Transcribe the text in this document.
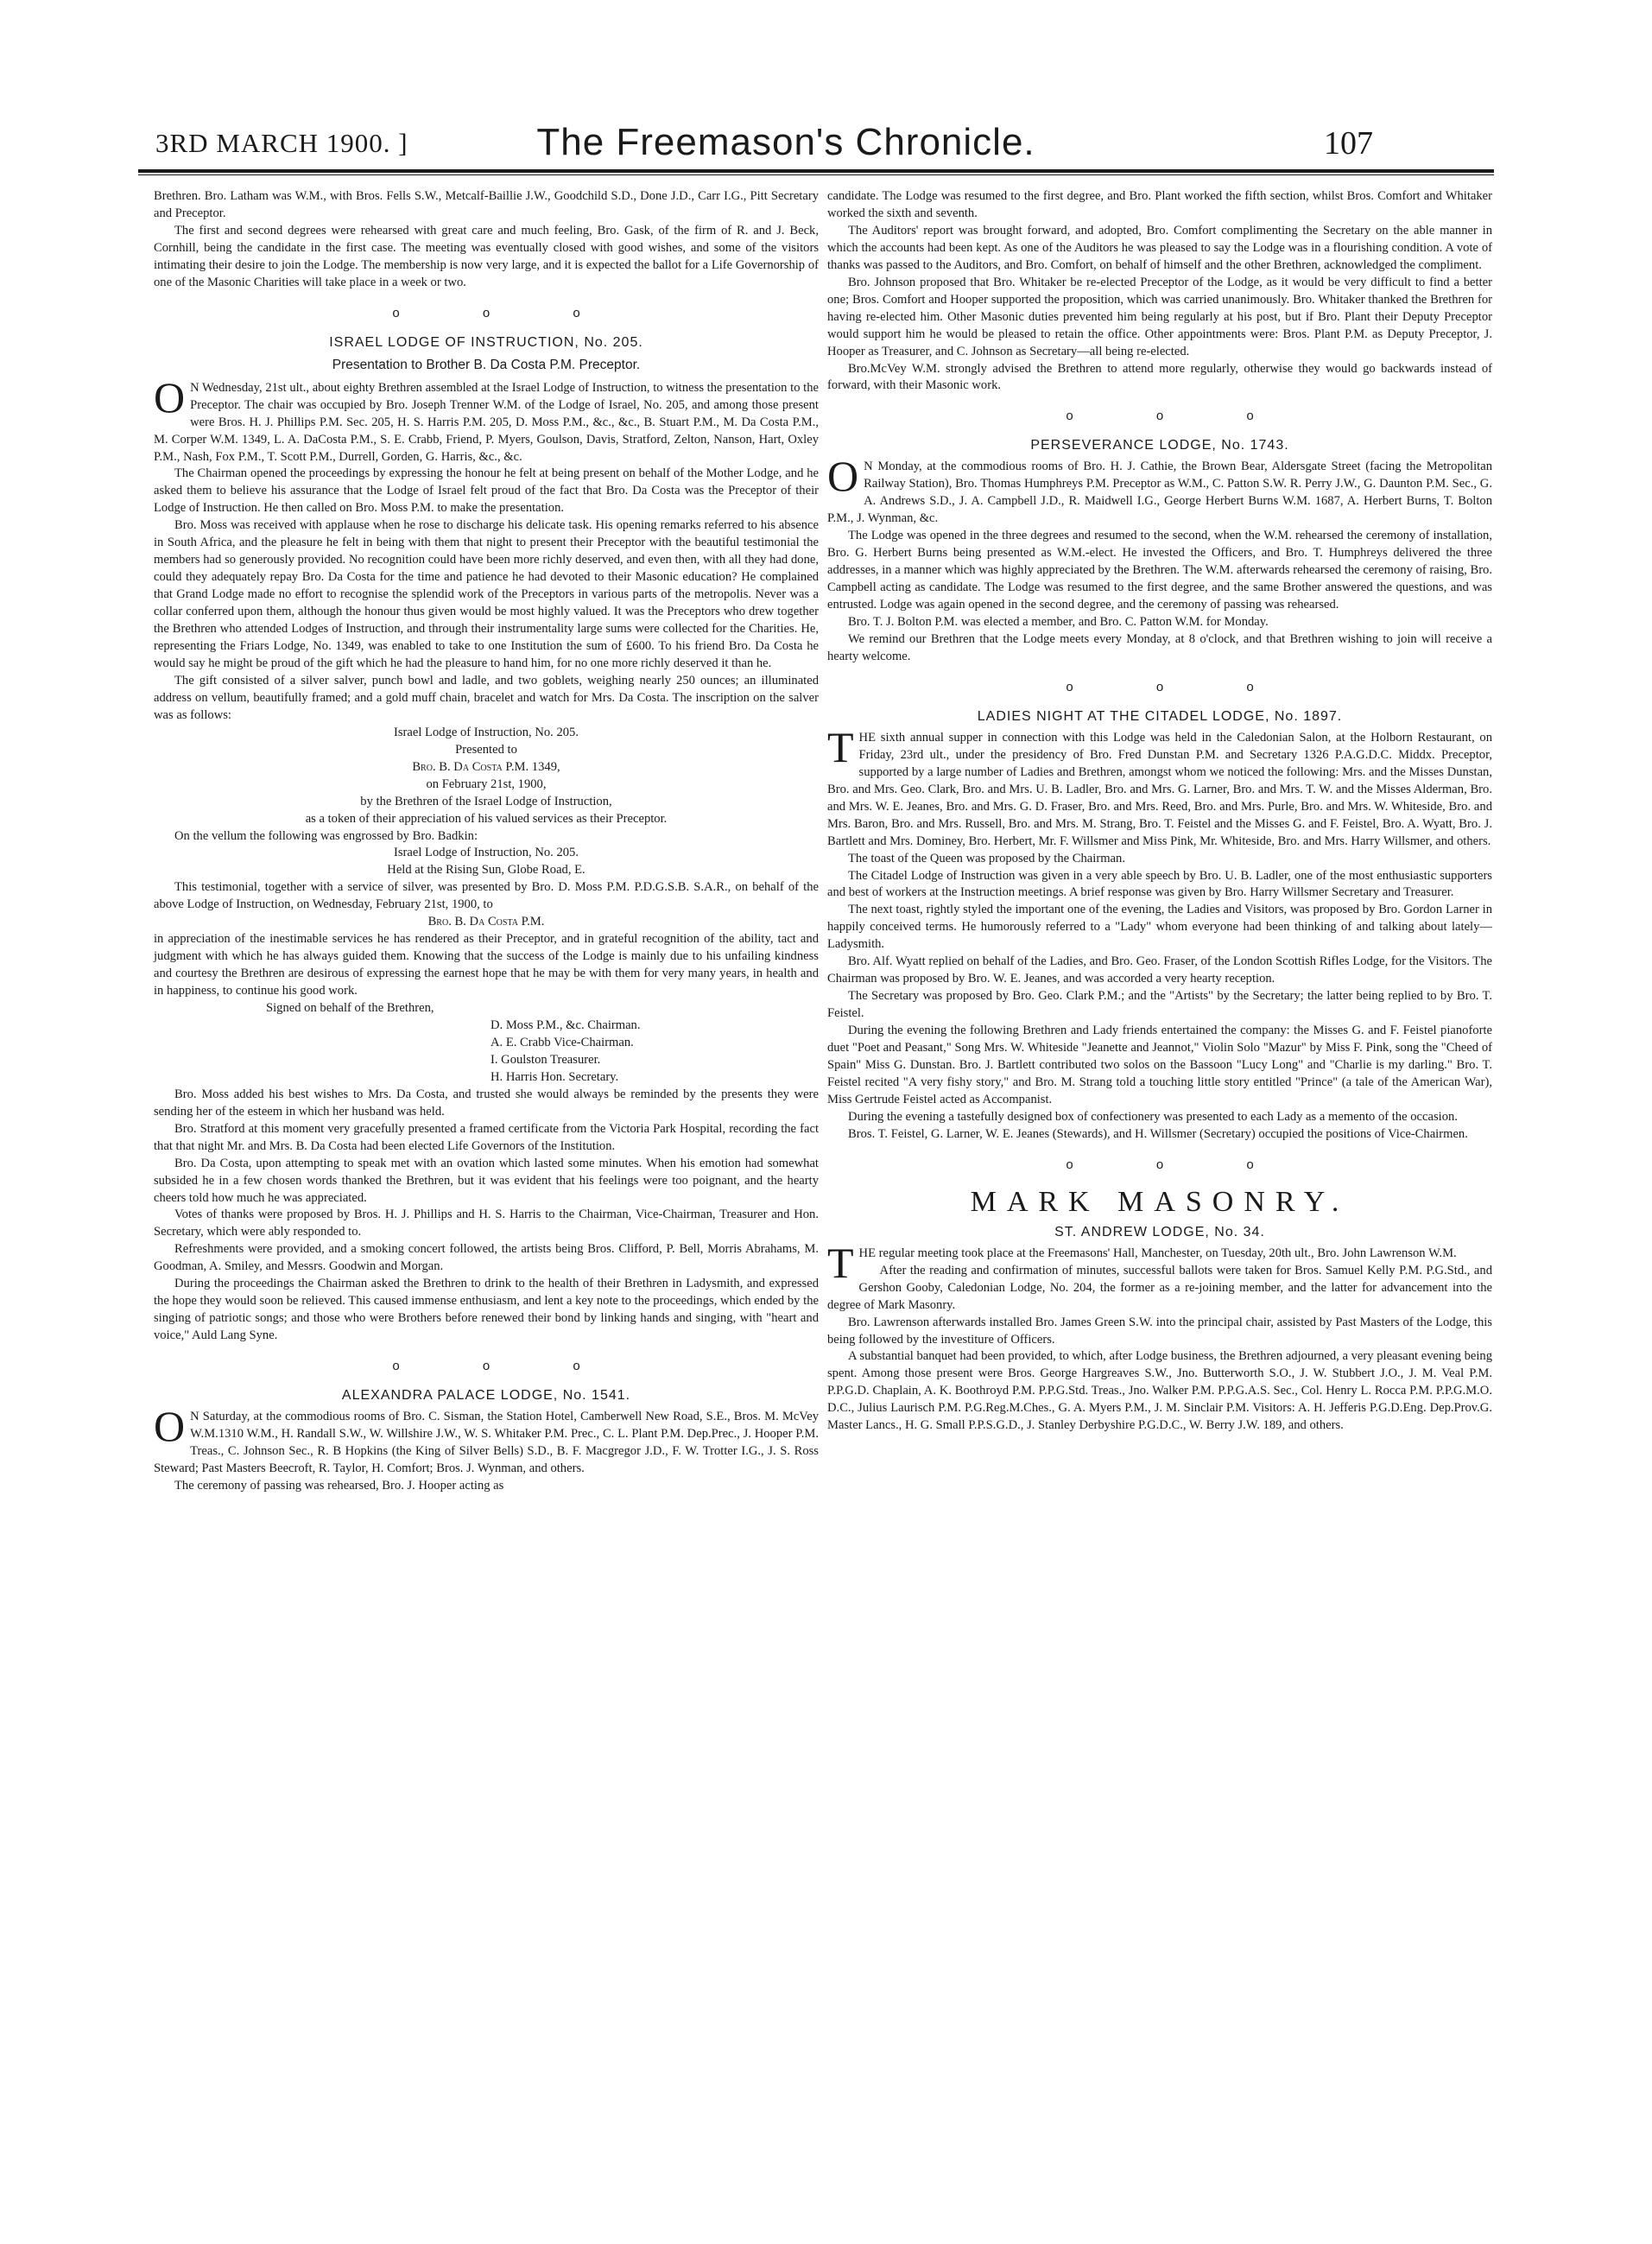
3RD MARCH 1900. ]	The Freemason's Chronicle.	107

Brethren. Bro. Latham was W.M., with Bros. Fells S.W., Metcalf-Baillie J.W., Goodchild S.D., Done J.D., Carr I.G., Pitt Secretary and Preceptor.

The first and second degrees were rehearsed with great care and much feeling, Bro. Gask, of the firm of R. and J. Beck, Cornhill, being the candidate in the first case. The meeting was eventually closed with good wishes, and some of the visitors intimating their desire to join the Lodge. The membership is now very large, and it is expected the ballot for a Life Governorship of one of the Masonic Charities will take place in a week or two.

o o o
ISRAEL LODGE OF INSTRUCTION, No. 205.
Presentation to Brother B. Da Costa P.M. Preceptor.

O N Wednesday, 21st ult., about eighty Brethren assembled at the Israel Lodge of Instruction, to witness the presentation to the Preceptor. The chair was occupied by Bro. Joseph Trenner W.M. of the Lodge of Israel, No. 205, and among those present were Bros. H. J. Phillips P.M. Sec. 205, H. S. Harris P.M. 205, D. Moss P.M., &c., &c., B. Stuart P.M., M. Da Costa P.M., M. Corper W.M. 1349, L. A. DaCosta P.M., S. E. Crabb, Friend, P. Myers, Goulson, Davis, Stratford, Zelton, Nanson, Hart, Oxley P.M., Nash, Fox P.M., T. Scott P.M., Durrell, Gorden, G. Harris, &c., &c.

The Chairman opened the proceedings by expressing the honour he felt at being present on behalf of the Mother Lodge, and he asked them to believe his assurance that the Lodge of Israel felt proud of the fact that Bro. Da Costa was the Preceptor of their Lodge of Instruction. He then called on Bro. Moss P.M. to make the presentation.

Bro. Moss was received with applause when he rose to discharge his delicate task. His opening remarks referred to his absence in South Africa, and the pleasure he felt in being with them that night to present their Preceptor with the beautiful testimonial the members had so generously provided. No recognition could have been more richly deserved, and even then, with all they had done, could they adequately repay Bro. Da Costa for the time and patience he had devoted to their Masonic education? He complained that Grand Lodge made no effort to recognise the splendid work of the Preceptors in various parts of the metropolis. Never was a collar conferred upon them, although the honour thus given would be most highly valued. It was the Preceptors who drew together the Brethren who attended Lodges of Instruction, and through their instrumentality large sums were collected for the Charities. He, representing the Friars Lodge, No. 1349, was enabled to take to one Institution the sum of £600. To his friend Bro. Da Costa he would say he might be proud of the gift which he had the pleasure to hand him, for no one more richly deserved it than he.

The gift consisted of a silver salver, punch bowl and ladle, and two goblets, weighing nearly 250 ounces; an illuminated address on vellum, beautifully framed; and a gold muff chain, bracelet and watch for Mrs. Da Costa. The inscription on the salver was as follows:

Israel Lodge of Instruction, No. 205.

Presented to

Bro. B. Da Costa P.M. 1349,

on February 21st, 1900,

by the Brethren of the Israel Lodge of Instruction,

as a token of their appreciation of his valued services as their Preceptor.

On the vellum the following was engrossed by Bro. Badkin:

Israel Lodge of Instruction, No. 205.

Held at the Rising Sun, Globe Road, E.

This testimonial, together with a service of silver, was presented by Bro. D. Moss P.M. P.D.G.S.B. S.A.R., on behalf of the above Lodge of Instruction, on Wednesday, February 21st, 1900, to

Bro. B. Da Costa P.M.

in appreciation of the inestimable services he has rendered as their Preceptor, and in grateful recognition of the ability, tact and judgment with which he has always guided them. Knowing that the success of the Lodge is mainly due to his unfailing kindness and courtesy the Brethren are desirous of expressing the earnest hope that he may be with them for very many years, in health and in happiness, to continue his good work.

Signed on behalf of the Brethren,

D. Moss P.M., &c. Chairman.

A. E. Crabb Vice-Chairman.

I. Goulston Treasurer.

H. Harris Hon. Secretary.

Bro. Moss added his best wishes to Mrs. Da Costa, and trusted she would always be reminded by the presents they were sending her of the esteem in which her husband was held.

Bro. Stratford at this moment very gracefully presented a framed certificate from the Victoria Park Hospital, recording the fact that that night Mr. and Mrs. B. Da Costa had been elected Life Governors of the Institution.

Bro. Da Costa, upon attempting to speak met with an ovation which lasted some minutes. When his emotion had somewhat subsided he in a few chosen words thanked the Brethren, but it was evident that his feelings were too poignant, and the hearty cheers told how much he was appreciated.

Votes of thanks were proposed by Bros. H. J. Phillips and H. S. Harris to the Chairman, Vice-Chairman, Treasurer and Hon. Secretary, which were ably responded to.

Refreshments were provided, and a smoking concert followed, the artists being Bros. Clifford, P. Bell, Morris Abrahams, M. Goodman, A. Smiley, and Messrs. Goodwin and Morgan.

During the proceedings the Chairman asked the Brethren to drink to the health of their Brethren in Ladysmith, and expressed the hope they would soon be relieved. This caused immense enthusiasm, and lent a key note to the proceedings, which ended by the singing of patriotic songs; and those who were Brothers before renewed their bond by linking hands and singing, with "heart and voice," Auld Lang Syne.

o o o
ALEXANDRA PALACE LODGE, No. 1541.

O N Saturday, at the commodious rooms of Bro. C. Sisman, the Station Hotel, Camberwell New Road, S.E., Bros. M. McVey W.M.1310 W.M., H. Randall S.W., W. Willshire J.W., W. S. Whitaker P.M. Prec., C. L. Plant P.M. Dep.Prec., J. Hooper P.M. Treas., C. Johnson Sec., R. B Hopkins (the King of Silver Bells) S.D., B. F. Macgregor J.D., F. W. Trotter I.G., J. S. Ross Steward; Past Masters Beecroft, R. Taylor, H. Comfort; Bros. J. Wynman, and others.

The ceremony of passing was rehearsed, Bro. J. Hooper acting as

candidate. The Lodge was resumed to the first degree, and Bro. Plant worked the fifth section, whilst Bros. Comfort and Whitaker worked the sixth and seventh.

The Auditors' report was brought forward, and adopted, Bro. Comfort complimenting the Secretary on the able manner in which the accounts had been kept. As one of the Auditors he was pleased to say the Lodge was in a flourishing condition. A vote of thanks was passed to the Auditors, and Bro. Comfort, on behalf of himself and the other Brethren, acknowledged the compliment.

Bro. Johnson proposed that Bro. Whitaker be re-elected Preceptor of the Lodge, as it would be very difficult to find a better one; Bros. Comfort and Hooper supported the proposition, which was carried unanimously. Bro. Whitaker thanked the Brethren for having re-elected him. Other Masonic duties prevented him being regularly at his post, but if Bro. Plant their Deputy Preceptor would support him he would be pleased to retain the office. Other appointments were: Bros. Plant P.M. as Deputy Preceptor, J. Hooper as Treasurer, and C. Johnson as Secretary—all being re-elected.

Bro.McVey W.M. strongly advised the Brethren to attend more regularly, otherwise they would go backwards instead of forward, with their Masonic work.

o o o
PERSEVERANCE LODGE, No. 1743.

O N Monday, at the commodious rooms of Bro. H. J. Cathie, the Brown Bear, Aldersgate Street (facing the Metropolitan Railway Station), Bro. Thomas Humphreys P.M. Preceptor as W.M., C. Patton S.W. R. Perry J.W., G. Daunton P.M. Sec., G. A. Andrews S.D., J. A. Campbell J.D., R. Maidwell I.G., George Herbert Burns W.M. 1687, A. Herbert Burns, T. Bolton P.M., J. Wynman, &c.

The Lodge was opened in the three degrees and resumed to the second, when the W.M. rehearsed the ceremony of installation, Bro. G. Herbert Burns being presented as W.M.-elect. He invested the Officers, and Bro. T. Humphreys delivered the three addresses, in a manner which was highly appreciated by the Brethren. The W.M. afterwards rehearsed the ceremony of raising, Bro. Campbell acting as candidate. The Lodge was resumed to the first degree, and the same Brother answered the questions, and was entrusted. Lodge was again opened in the second degree, and the ceremony of passing was rehearsed.

Bro. T. J. Bolton P.M. was elected a member, and Bro. C. Patton W.M. for Monday.

We remind our Brethren that the Lodge meets every Monday, at 8 o'clock, and that Brethren wishing to join will receive a hearty welcome.

o o o
LADIES NIGHT AT THE CITADEL LODGE, No. 1897.

THE sixth annual supper in connection with this Lodge was held in the Caledonian Salon, at the Holborn Restaurant, on Friday, 23rd ult., under the presidency of Bro. Fred Dunstan P.M. and Secretary 1326 P.A.G.D.C. Middx. Preceptor, supported by a large number of Ladies and Brethren, amongst whom we noticed the following: Mrs. and the Misses Dunstan, Bro. and Mrs. Geo. Clark, Bro. and Mrs. U. B. Ladler, Bro. and Mrs. G. Larner, Bro. and Mrs. T. W. and the Misses Alderman, Bro. and Mrs. W. E. Jeanes, Bro. and Mrs. G. D. Fraser, Bro. and Mrs. Reed, Bro. and Mrs. Purle, Bro. and Mrs. W. Whiteside, Bro. and Mrs. Baron, Bro. and Mrs. Russell, Bro. and Mrs. M. Strang, Bro. T. Feistel and the Misses G. and F. Feistel, Bro. A. Wyatt, Bro. J. Bartlett and Mrs. Dominey, Bro. Herbert, Mr. F. Willsmer and Miss Pink, Mr. Whiteside, Bro. and Mrs. Harry Willsmer, and others.

The toast of the Queen was proposed by the Chairman.

The Citadel Lodge of Instruction was given in a very able speech by Bro. U. B. Ladler, one of the most enthusiastic supporters and best of workers at the Instruction meetings. A brief response was given by Bro. Harry Willsmer Secretary and Treasurer.

The next toast, rightly styled the important one of the evening, the Ladies and Visitors, was proposed by Bro. Gordon Larner in happily conceived terms. He humorously referred to a "Lady" whom everyone had been thinking of and talking about lately—Ladysmith.

Bro. Alf. Wyatt replied on behalf of the Ladies, and Bro. Geo. Fraser, of the London Scottish Rifles Lodge, for the Visitors. The Chairman was proposed by Bro. W. E. Jeanes, and was accorded a very hearty reception.

The Secretary was proposed by Bro. Geo. Clark P.M.; and the "Artists" by the Secretary; the latter being replied to by Bro. T. Feistel.

During the evening the following Brethren and Lady friends entertained the company: the Misses G. and F. Feistel pianoforte duet "Poet and Peasant," Song Mrs. W. Whiteside "Jeanette and Jeannot," Violin Solo "Mazur" by Miss F. Pink, song the "Cheed of Spain" Miss G. Dunstan. Bro. J. Bartlett contributed two solos on the Bassoon "Lucy Long" and "Charlie is my darling." Bro. T. Feistel recited "A very fishy story," and Bro. M. Strang told a touching little story entitled "Prince" (a tale of the American War), Miss Gertrude Feistel acted as Accompanist.

During the evening a tastefully designed box of confectionery was presented to each Lady as a memento of the occasion.

Bros. T. Feistel, G. Larner, W. E. Jeanes (Stewards), and H. Willsmer (Secretary) occupied the positions of Vice-Chairmen.

o o o
MARK MASONRY.
ST. ANDREW LODGE, No. 34.

THE regular meeting took place at the Freemasons' Hall, Manchester, on Tuesday, 20th ult., Bro. John Lawrenson W.M.

After the reading and confirmation of minutes, successful ballots were taken for Bros. Samuel Kelly P.M. P.G.Std., and Gershon Gooby, Caledonian Lodge, No. 204, the former as a re-joining member, and the latter for advancement into the degree of Mark Masonry.

Bro. Lawrenson afterwards installed Bro. James Green S.W. into the principal chair, assisted by Past Masters of the Lodge, this being followed by the investiture of Officers.

A substantial banquet had been provided, to which, after Lodge business, the Brethren adjourned, a very pleasant evening being spent. Among those present were Bros. George Hargreaves S.W., Jno. Butterworth S.O., J. W. Stubbert J.O., J. M. Veal P.M. P.P.G.D. Chaplain, A. K. Boothroyd P.M. P.P.G.Std. Treas., Jno. Walker P.M. P.P.G.A.S. Sec., Col. Henry L. Rocca P.M. P.P.G.M.O. D.C., Julius Laurisch P.M. P.G.Reg.M.Ches., G. A. Myers P.M., J. M. Sinclair P.M. Visitors: A. H. Jefferis P.G.D.Eng. Dep.Prov.G. Master Lancs., H. G. Small P.P.S.G.D., J. Stanley Derbyshire P.G.D.C., W. Berry J.W. 189, and others.
